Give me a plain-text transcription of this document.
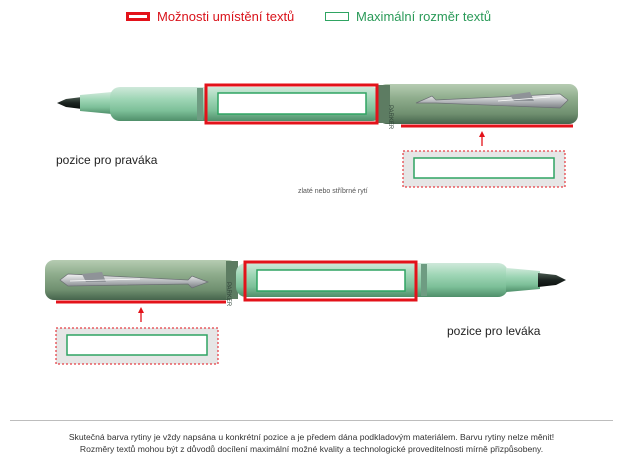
Možnosti umístění textů	Maximální rozměr textů
PARKER
PARKER
pozice pro praváka
zlaté nebo stříbrné rytí
pozice pro leváka
Skutečná barva rytiny je vždy napsána u konkrétní pozice a je předem dána podkladovým materiálem. Barvu rytiny nelze měnit!
Rozměry textů mohou být z důvodů docílení maximální možné kvality a technologické proveditelnosti mírně přizpůsobeny.
